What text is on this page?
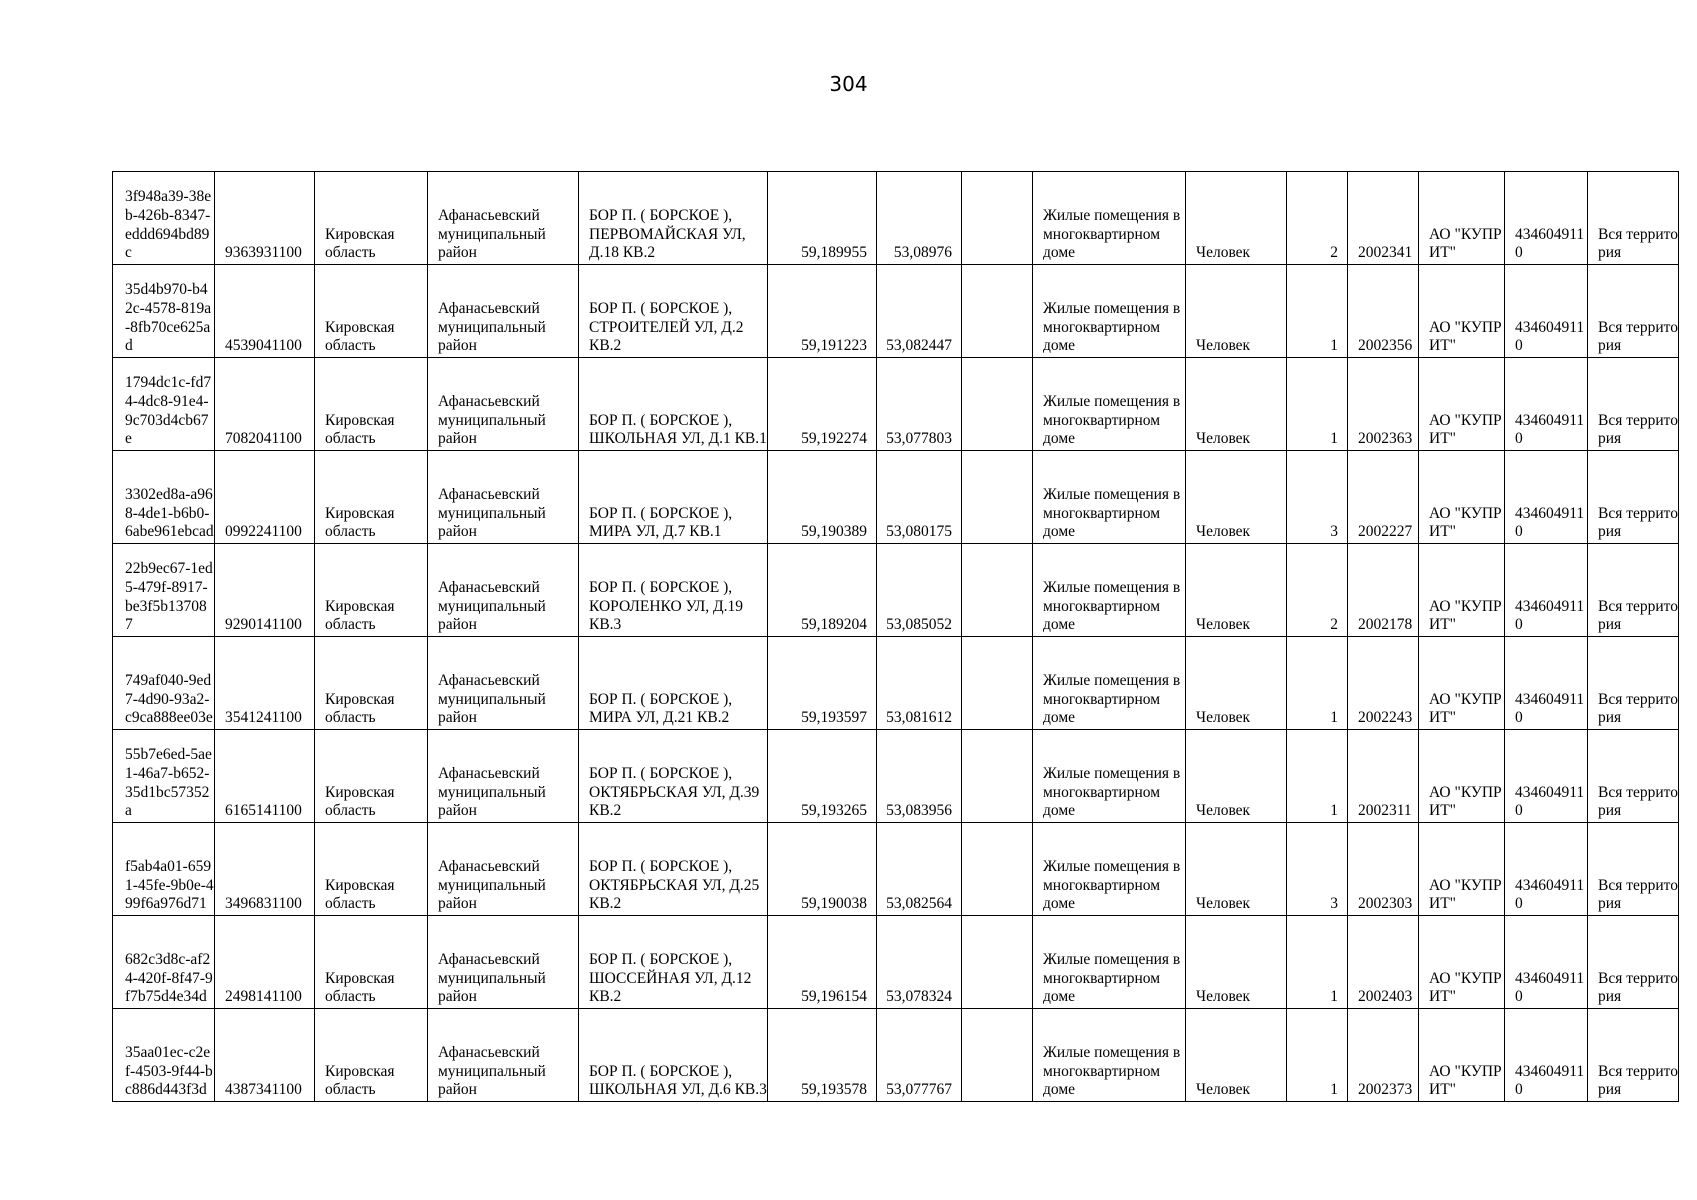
304
3f948a39-38eb-426b-8347-eddd694bd89c	9363931100	Кировская область	Афанасьевский муниципальный район	БОР П. ( БОРСКОЕ ), ПЕРВОМАЙСКАЯ УЛ, Д.18 КВ.2	59,189955	53,08976		Жилые помещения в многоквартирном доме	Человек	2	2002341	АО "КУПРИТ"	4346049110	Вся территория
35d4b970-b42c-4578-819a-8fb70ce625ad	4539041100	Кировская область	Афанасьевский муниципальный район	БОР П. ( БОРСКОЕ ), СТРОИТЕЛЕЙ УЛ, Д.2 КВ.2	59,191223	53,082447		Жилые помещения в многоквартирном доме	Человек	1	2002356	АО "КУПРИТ"	4346049110	Вся территория
1794dc1c-fd74-4dc8-91e4-9c703d4cb67e	7082041100	Кировская область	Афанасьевский муниципальный район	БОР П. ( БОРСКОЕ ), ШКОЛЬНАЯ УЛ, Д.1 КВ.1	59,192274	53,077803		Жилые помещения в многоквартирном доме	Человек	1	2002363	АО "КУПРИТ"	4346049110	Вся территория
3302ed8a-a968-4de1-b6b0-6abe961ebcad	0992241100	Кировская область	Афанасьевский муниципальный район	БОР П. ( БОРСКОЕ ), МИРА УЛ, Д.7 КВ.1	59,190389	53,080175		Жилые помещения в многоквартирном доме	Человек	3	2002227	АО "КУПРИТ"	4346049110	Вся территория
22b9ec67-1ed5-479f-8917-be3f5b137087	9290141100	Кировская область	Афанасьевский муниципальный район	БОР П. ( БОРСКОЕ ), КОРОЛЕНКО УЛ, Д.19 КВ.3	59,189204	53,085052		Жилые помещения в многоквартирном доме	Человек	2	2002178	АО "КУПРИТ"	4346049110	Вся территория
749af040-9ed7-4d90-93a2-c9ca888ee03e	3541241100	Кировская область	Афанасьевский муниципальный район	БОР П. ( БОРСКОЕ ), МИРА УЛ, Д.21 КВ.2	59,193597	53,081612		Жилые помещения в многоквартирном доме	Человек	1	2002243	АО "КУПРИТ"	4346049110	Вся территория
55b7e6ed-5ae1-46a7-b652-35d1bc57352a	6165141100	Кировская область	Афанасьевский муниципальный район	БОР П. ( БОРСКОЕ ), ОКТЯБРЬСКАЯ УЛ, Д.39 КВ.2	59,193265	53,083956		Жилые помещения в многоквартирном доме	Человек	1	2002311	АО "КУПРИТ"	4346049110	Вся территория
f5ab4a01-6591-45fe-9b0e-499f6a976d71	3496831100	Кировская область	Афанасьевский муниципальный район	БОР П. ( БОРСКОЕ ), ОКТЯБРЬСКАЯ УЛ, Д.25 КВ.2	59,190038	53,082564		Жилые помещения в многоквартирном доме	Человек	3	2002303	АО "КУПРИТ"	4346049110	Вся территория
682c3d8c-af24-420f-8f47-9f7b75d4e34d	2498141100	Кировская область	Афанасьевский муниципальный район	БОР П. ( БОРСКОЕ ), ШОССЕЙНАЯ УЛ, Д.12 КВ.2	59,196154	53,078324		Жилые помещения в многоквартирном доме	Человек	1	2002403	АО "КУПРИТ"	4346049110	Вся территория
35aa01ec-c2ef-4503-9f44-bc886d443f3d	4387341100	Кировская область	Афанасьевский муниципальный район	БОР П. ( БОРСКОЕ ), ШКОЛЬНАЯ УЛ, Д.6 КВ.3	59,193578	53,077767		Жилые помещения в многоквартирном доме	Человек	1	2002373	АО "КУПРИТ"	4346049110	Вся территория
